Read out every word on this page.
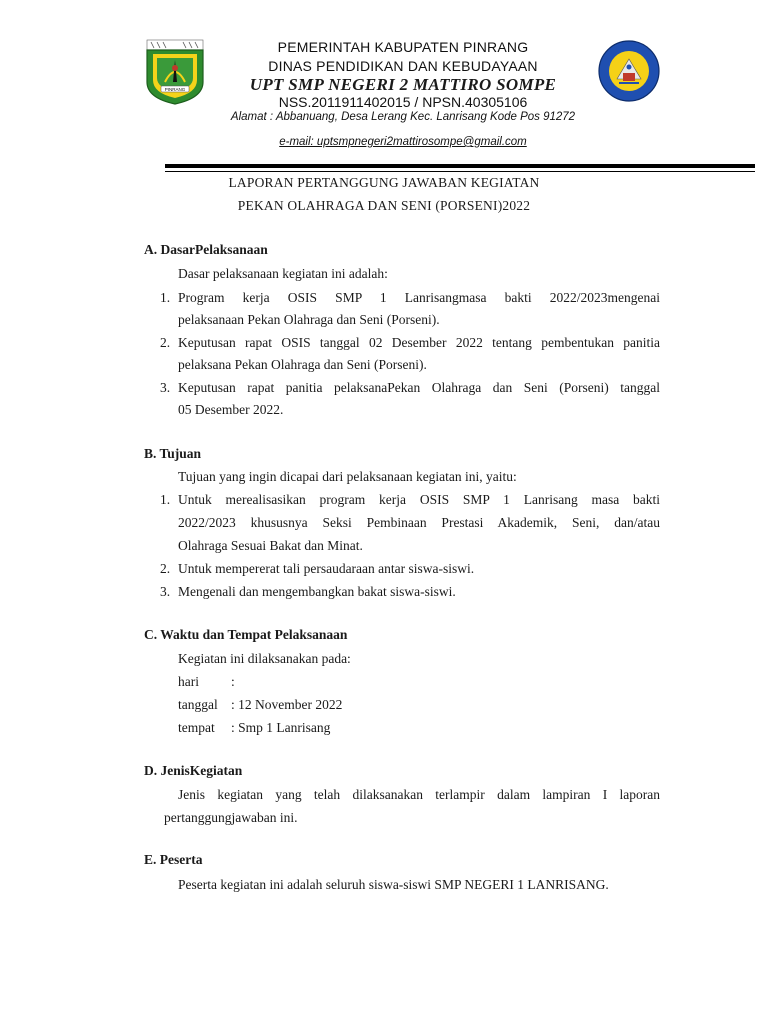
PINRANG
PEMERINTAH KABUPATEN PINRANG
DINAS PENDIDIKAN DAN KEBUDAYAAN
UPT SMP NEGERI 2 MATTIRO SOMPE
NSS.2011911402015 / NPSN.40305106
Alamat : Abbanuang, Desa Lerang Kec. Lanrisang Kode Pos 91272
e-mail: uptsmpnegeri2mattirosompe@gmail.com
LAPORAN PERTANGGUNG JAWABAN KEGIATAN
PEKAN OLAHRAGA DAN SENI (PORSENI)2022
A. DasarPelaksanaan
Dasar pelaksanaan kegiatan ini adalah:
1. Program kerja OSIS SMP 1 Lanrisangmasa bakti 2022/2023mengenai
pelaksanaan Pekan Olahraga dan Seni (Porseni).
2. Keputusan rapat OSIS tanggal 02 Desember 2022 tentang pembentukan panitia
pelaksana Pekan Olahraga dan Seni (Porseni).
3. Keputusan rapat panitia pelaksanaPekan Olahraga dan Seni (Porseni) tanggal
05 Desember 2022.
B. Tujuan
Tujuan yang ingin dicapai dari pelaksanaan kegiatan ini, yaitu:
1. Untuk merealisasikan program kerja OSIS SMP 1 Lanrisang masa bakti
2022/2023 khususnya Seksi Pembinaan Prestasi Akademik, Seni, dan/atau
Olahraga Sesuai Bakat dan Minat.
2. Untuk mempererat tali persaudaraan antar siswa-siswi.
3. Mengenali dan mengembangkan bakat siswa-siswi.
C. Waktu dan Tempat Pelaksanaan
Kegiatan ini dilaksanakan pada:
hari :
tanggal : 12 November 2022
tempat : Smp 1 Lanrisang
D. JenisKegiatan
Jenis kegiatan yang telah dilaksanakan terlampir dalam lampiran I laporan
pertanggungjawaban ini.
E. Peserta
Peserta kegiatan ini adalah seluruh siswa-siswi SMP NEGERI 1 LANRISANG.
